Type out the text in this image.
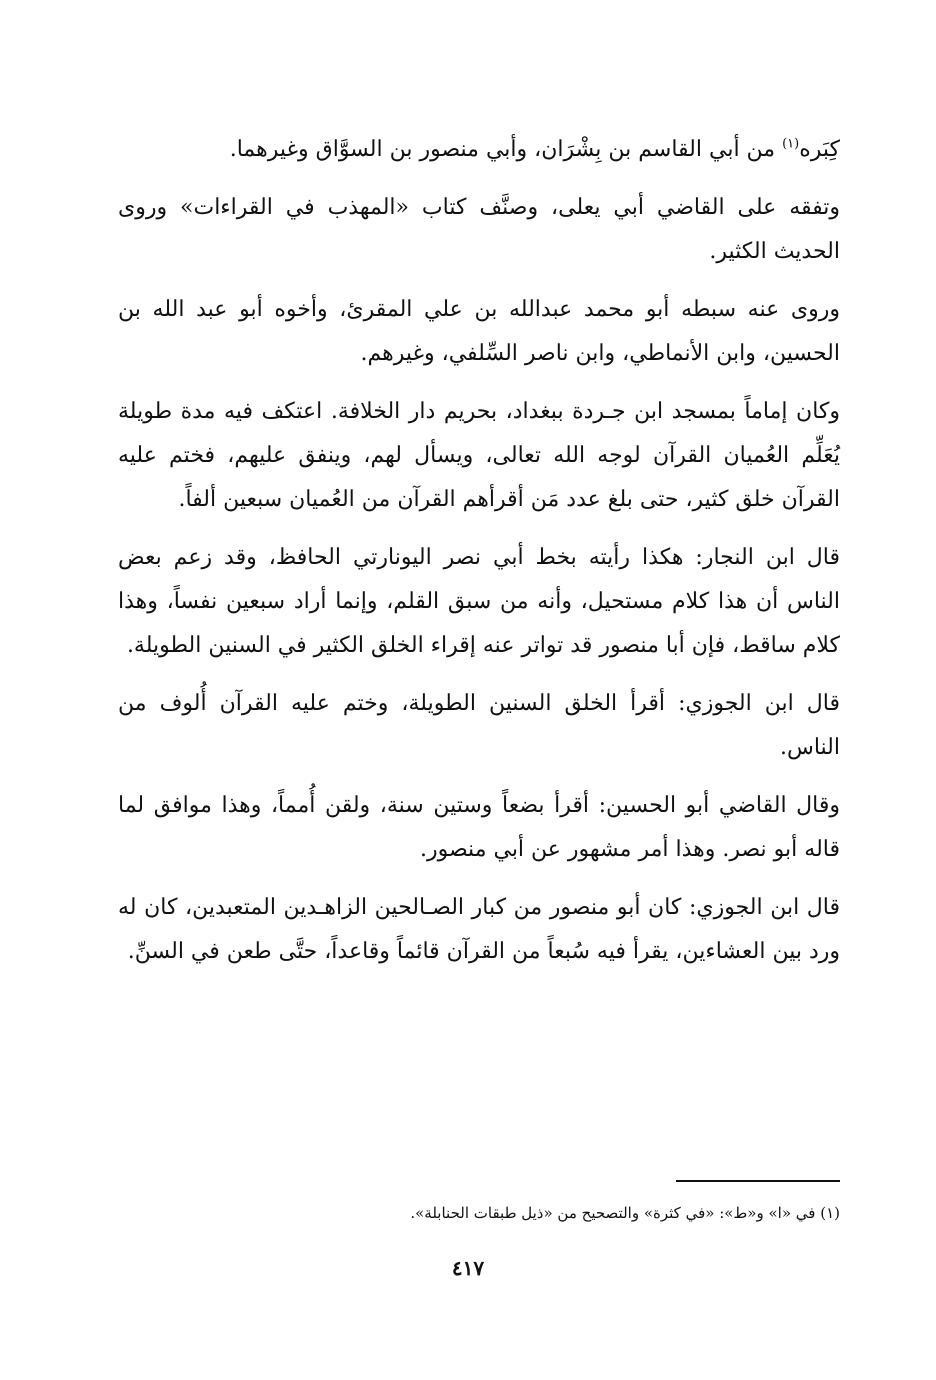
كِبَره$^{(١)}$ من أبي القاسم بن بِشْرَان، وأبي منصور بن السوَّاق وغيرهما.

وتفقه على القاضي أبي يعلى، وصنَّف كتاب «المهذب في القراءات» وروى الحديث الكثير.

وروى عنه سبطه أبو محمد عبدالله بن علي المقرئ، وأخوه أبو عبد الله بن الحسين، وابن الأنماطي، وابن ناصر السِّلفي، وغيرهم.

وكان إماماً بمسجد ابن جـردة ببغداد، بحريم دار الخلافة. اعتكف فيه مدة طويلة يُعَلِّم العُميان القرآن لوجه الله تعالى، ويسأل لهم، وينفق عليهم، فختم عليه القرآن خلق كثير، حتى بلغ عدد مَن أقرأهم القرآن من العُميان سبعين ألفاً.

قال ابن النجار: هكذا رأيته بخط أبي نصر اليونارتي الحافظ، وقد زعم بعض الناس أن هذا كلام مستحيل، وأنه من سبق القلم، وإنما أراد سبعين نفساً، وهذا كلام ساقط، فإن أبا منصور قد تواتر عنه إقراء الخلق الكثير في السنين الطويلة.

قال ابن الجوزي: أقرأ الخلق السنين الطويلة، وختم عليه القرآن أُلوف من الناس.

وقال القاضي أبو الحسين: أقرأ بضعاً وستين سنة، ولقن أُمماً، وهذا موافق لما قاله أبو نصر. وهذا أمر مشهور عن أبي منصور.

قال ابن الجوزي: كان أبو منصور من كبار الصـالحين الزاهـدين المتعبدين، كان له ورد بين العشاءين، يقرأ فيه سُبعاً من القرآن قائماً وقاعداً، حتَّى طعن في السنِّ.

(١) في «ا» و«ط»: «في كثرة» والتصحيح من «ذيل طبقات الحنابلة».
٤١٧
